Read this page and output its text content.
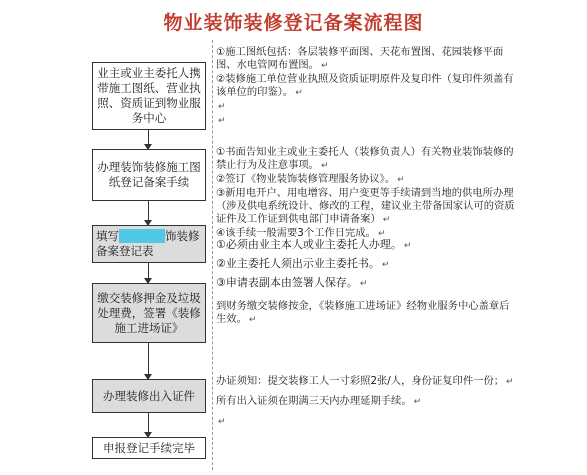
物业装饰装修登记备案流程图
业主或业主委托人携带施工图纸、营业执照、资质证到物业服务中心
办理装饰装修施工图纸登记备案手续
填写装修登记饰装修备案登记表
缴交装修押金及垃圾处理费，签署《装修施工进场证》
办理装修出入证件
申报登记手续完毕

①施工图纸包括：各层装修平面图、天花布置图、花园装修平面图、水电管网布置图。 ↵

②装修施工单位营业执照及资质证明原件及复印件（复印件须盖有该单位的印鉴）。 ↵

↵

↵

①书面告知业主或业主委托人（装修负责人）有关物业装饰装修的禁止行为及注意事项。 ↵

②签订《物业装饰装修管理服务协议》。 ↵

③新用电开户、用电增容、用户变更等手续请到当地的供电所办理（涉及供电系统设计、修改的工程，建议业主带备国家认可的资质证件及工作证到供电部门申请备案） ↵

④该手续一般需要3个工作日完成。 ↵

①必须由业主本人或业主委托人办理。 ↵

②业主委托人须出示业主委托书。 ↵

③申请表副本由签署人保存。 ↵

到财务缴交装修按金，《装修施工进场证》经物业服务中心盖章后生效。 ↵

办证须知：提交装修工人一寸彩照2张/人，身份证复印件一份； ↵

所有出入证须在期满三天内办理延期手续。 ↵

↵
